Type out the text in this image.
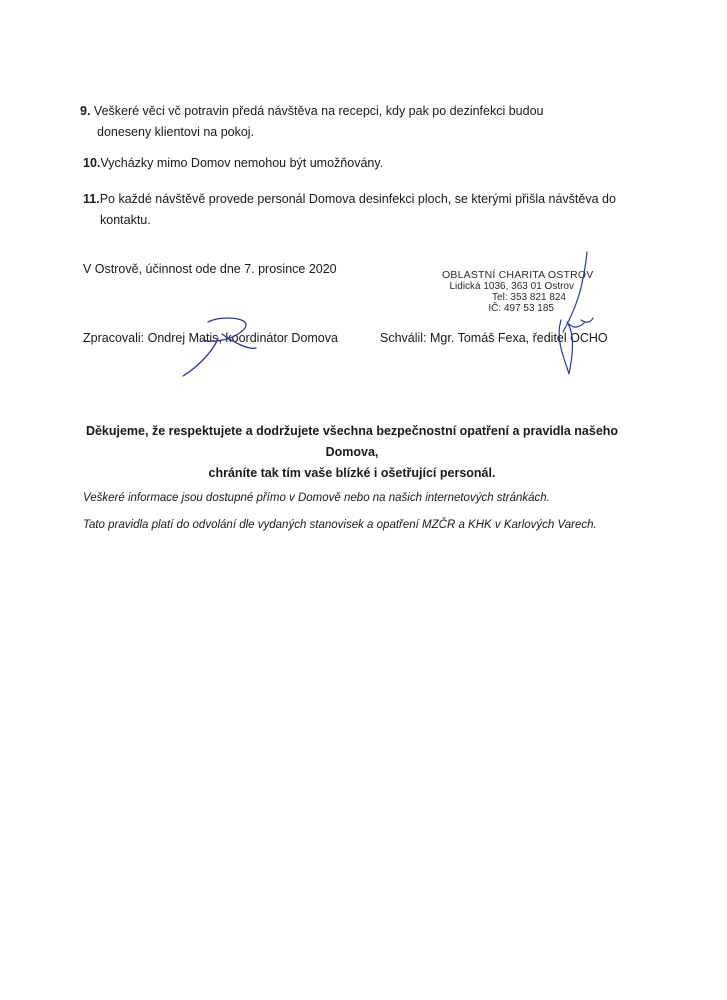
9. Veškeré věci vč potravin předá návštěva na recepci, kdy pak po dezinfekci budou
doneseny klientovi na pokoj.
10.Vycházky mimo Domov nemohou být umožňovány.
11.Po každé návštěvě provede personál Domova desinfekci ploch, se kterými přišla návštěva do
kontaktu.
V Ostrově, účinnost ode dne 7. prosince 2020	OBLASTNÍ CHARITA OSTROV
Lidická 1036, 363 01 Ostrov
Tel: 353 821 824
IČ: 497 53 185
Zpracovali: Ondrej Matis, koordinátor Domova	Schválil: Mgr. Tomáš Fexa, ředitel OCHO
Děkujeme, že respektujete a dodržujete všechna bezpečnostní opatření a pravidla našeho Domova,
chráníte tak tím vaše blízké i ošetřující personál.
Veškeré informace jsou dostupné přímo v Domově nebo na našich internetových stránkách.
Tato pravidla platí do odvolání dle vydaných stanovisek a opatření MZČR a KHK v Karlových Varech.
